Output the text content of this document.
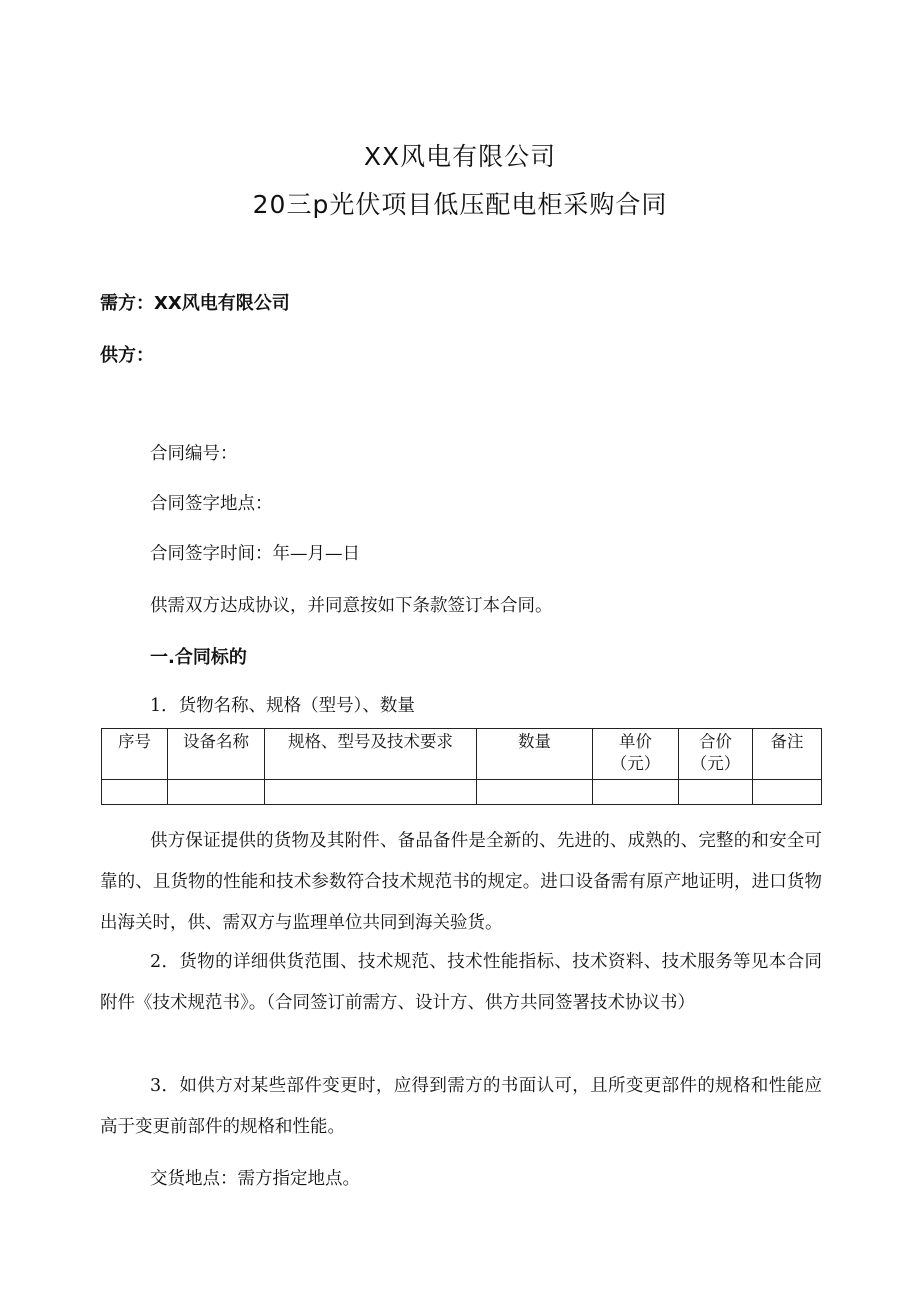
XX风电有限公司
20三p光伏项目低压配电柜采购合同
需方：XX风电有限公司
供方：
合同编号：
合同签字地点：
合同签字时间：年—月—日
供需双方达成协议，并同意按如下条款签订本合同。
一.合同标的
1．货物名称、规格（型号）、数量
序号	设备名称	规格、型号及技术要求	数量	单价（元）	合价（元）	备注

供方保证提供的货物及其附件、备品备件是全新的、先进的、成熟的、完整的和安全可靠的、且货物的性能和技术参数符合技术规范书的规定。进口设备需有原产地证明，进口货物出海关时，供、需双方与监理单位共同到海关验货。
2．货物的详细供货范围、技术规范、技术性能指标、技术资料、技术服务等见本合同附件《技术规范书》。（合同签订前需方、设计方、供方共同签署技术协议书）
3．如供方对某些部件变更时，应得到需方的书面认可，且所变更部件的规格和性能应高于变更前部件的规格和性能。
交货地点：需方指定地点。
